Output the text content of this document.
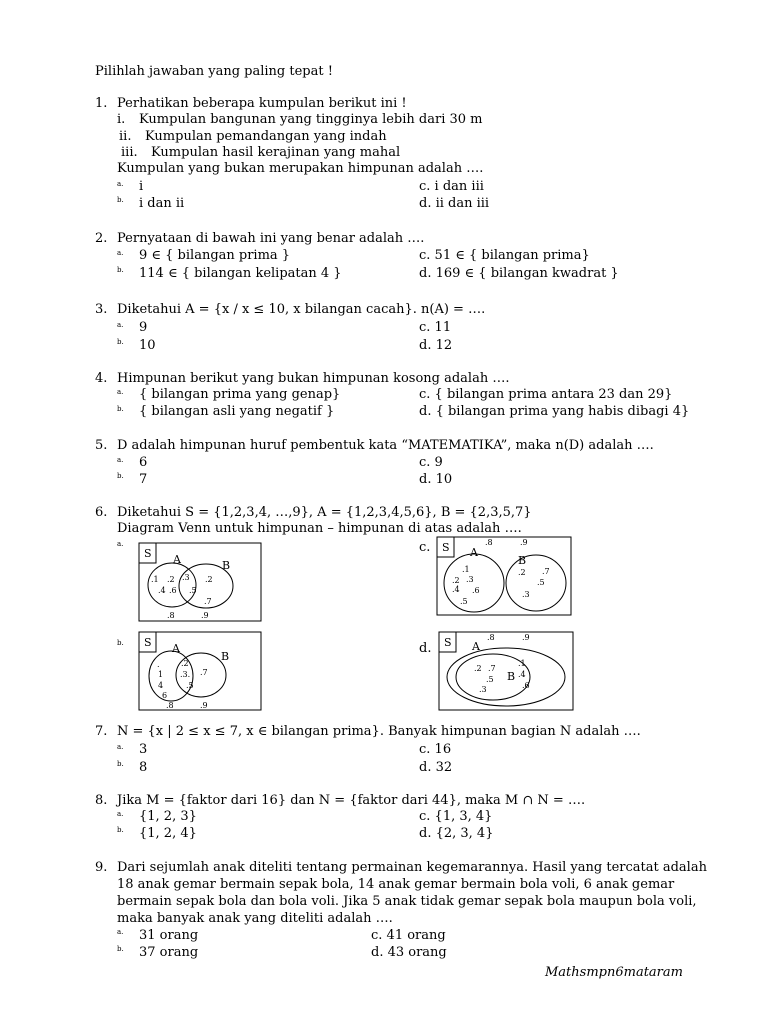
Pilihlah jawaban yang paling tepat !
1. Perhatikan beberapa kumpulan berikut ini !
i. Kumpulan bangunan yang tingginya lebih dari 30 m
ii. Kumpulan pemandangan yang indah
iii. Kumpulan hasil kerajinan yang mahal
Kumpulan yang bukan merupakan himpunan adalah ….
a. i
b. i dan ii
c. i dan iii
d. ii dan iii
2. Pernyataan di bawah ini yang benar adalah ….
a. 9 ∈ { bilangan prima }
b. 114 ∈ { bilangan kelipatan 4 }
c. 51 ∈ { bilangan prima}
d. 169 ∈ { bilangan kwadrat }
3. Diketahui A = {x / x ≤ 10, x bilangan cacah}. n(A) = ….
a. 9
b. 10
c. 11
d. 12
4. Himpunan berikut yang bukan himpunan kosong adalah ….
a. { bilangan prima yang genap}
b. { bilangan asli yang negatif }
c. { bilangan prima antara 23 dan 29}
d. { bilangan prima yang habis dibagi 4}
5. D adalah himpunan huruf pembentuk kata “MATEMATIKA”, maka n(D) adalah ….
a. 6
b. 7
c. 9
d. 10
6. Diketahui S = {1,2,3,4, …,9}, A = {1,2,3,4,5,6}, B = {2,3,5,7}
Diagram Venn untuk himpunan – himpunan di atas adalah ….
a.	c.
b.	d.
S A	B
.1 .2 .3
.4	.5
.6
.2
.7
.8	.9
S A
B
.8	.9
.1
.2 .3
.4 .6
.5
.2 .7
.5
.3
S A
B
.	.2
1
4
.3.
.5
.7
6
.8	.9
S A
B
.8	.9
.2 .7
.5
.3
.1
.4
.6
7. N = {x | 2 ≤ x ≤ 7, x ∈ bilangan prima}. Banyak himpunan bagian N adalah ….
a. 3
b. 8
c. 16
d. 32
8. Jika M = {faktor dari 16} dan N = {faktor dari 44}, maka M ∩ N = ….
a. {1, 2, 3}
b. {1, 2, 4}
c. {1, 3, 4}
d. {2, 3, 4}
9. Dari sejumlah anak diteliti tentang permainan kegemarannya. Hasil yang tercatat adalah
18 anak gemar bermain sepak bola, 14 anak gemar bermain bola voli, 6 anak gemar
bermain sepak bola dan bola voli. Jika 5 anak tidak gemar sepak bola maupun bola voli,
maka banyak anak yang diteliti adalah ….
a. 31 orang
b. 37 orang
c. 41 orang
d. 43 orang
Mathsmpn6mataram
